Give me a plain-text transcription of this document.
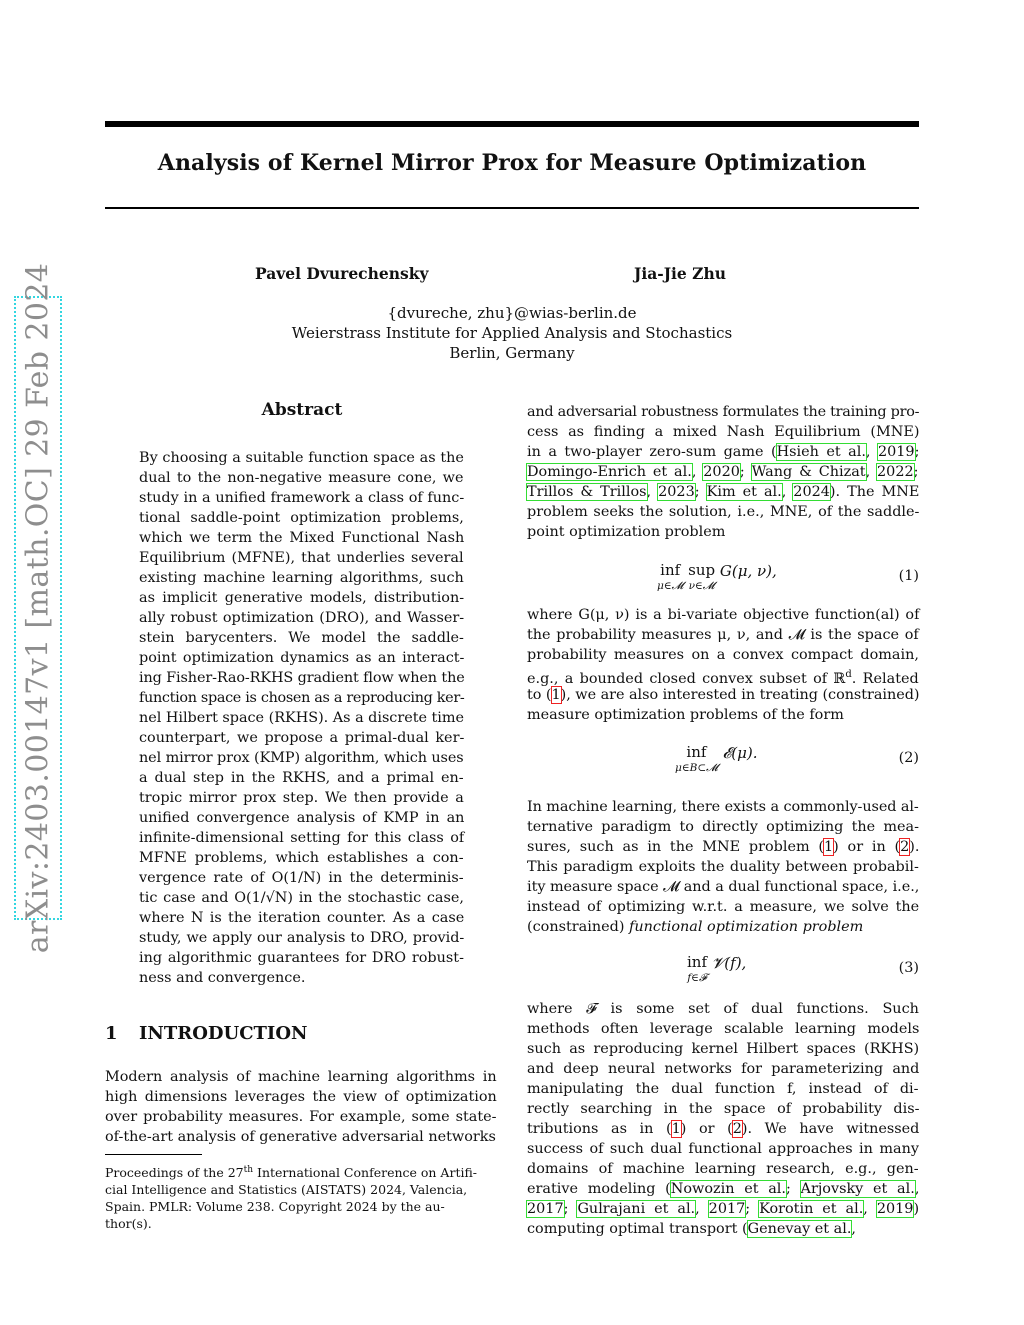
arXiv:2403.00147v1 [math.OC] 29 Feb 2024
Analysis of Kernel Mirror Prox for Measure Optimization
Pavel Dvurechensky	Jia-Jie Zhu
{dvureche, zhu}@wias-berlin.de
Weierstrass Institute for Applied Analysis and Stochastics
Berlin, Germany
Abstract
By choosing a suitable function space as the
dual to the non-negative measure cone, we
study in a unified framework a class of func-
tional saddle-point optimization problems,
which we term the Mixed Functional Nash
Equilibrium (MFNE), that underlies several
existing machine learning algorithms, such
as implicit generative models, distribution-
ally robust optimization (DRO), and Wasser-
stein barycenters. We model the saddle-
point optimization dynamics as an interact-
ing Fisher-Rao-RKHS gradient flow when the
function space is chosen as a reproducing ker-
nel Hilbert space (RKHS). As a discrete time
counterpart, we propose a primal-dual ker-
nel mirror prox (KMP) algorithm, which uses
a dual step in the RKHS, and a primal en-
tropic mirror prox step. We then provide a
unified convergence analysis of KMP in an
infinite-dimensional setting for this class of
MFNE problems, which establishes a con-
vergence rate of O(1/N) in the determinis-
tic case and O(1/√N) in the stochastic case,
where N is the iteration counter. As a case
study, we apply our analysis to DRO, provid-
ing algorithmic guarantees for DRO robust-
ness and convergence.
1 INTRODUCTION
Modern analysis of machine learning algorithms in
high dimensions leverages the view of optimization
over probability measures. For example, some state-
of-the-art analysis of generative adversarial networks
Proceedings of the 27th International Conference on Artifi-
cial Intelligence and Statistics (AISTATS) 2024, Valencia,
Spain. PMLR: Volume 238. Copyright 2024 by the au-
thor(s).
and adversarial robustness formulates the training pro-
cess as finding a mixed Nash Equilibrium (MNE)
in a two-player zero-sum game (Hsieh et al., 2019;
Domingo-Enrich et al., 2020; Wang & Chizat, 2022;
Trillos & Trillos, 2023; Kim et al., 2024). The MNE
problem seeks the solution, i.e., MNE, of the saddle-
point optimization problem
inf
μ∈𝓜

sup
ν∈𝓜
G(μ, ν),	(1)
where G(μ, ν) is a bi-variate objective function(al) of
the probability measures μ, ν, and 𝓜 is the space of
probability measures on a convex compact domain,
e.g., a bounded closed convex subset of ℝ$^d$. Related
to (1), we are also interested in treating (constrained)
measure optimization problems of the form
inf
μ∈B⊂𝓜
𝓔(μ).	(2)
In machine learning, there exists a commonly-used al-
ternative paradigm to directly optimizing the mea-
sures, such as in the MNE problem (1) or in (2).
This paradigm exploits the duality between probabil-
ity measure space 𝓜 and a dual functional space, i.e.,
instead of optimizing w.r.t. a measure, we solve the
(constrained) functional optimization problem
inf
f∈𝓕
𝓥(f),	(3)
where 𝓕 is some set of dual functions. Such
methods often leverage scalable learning models
such as reproducing kernel Hilbert spaces (RKHS)
and deep neural networks for parameterizing and
manipulating the dual function f, instead of di-
rectly searching in the space of probability dis-
tributions as in (1) or (2). We have witnessed
success of such dual functional approaches in many
domains of machine learning research, e.g., gen-
erative modeling (Nowozin et al.; Arjovsky et al.,
2017; Gulrajani et al., 2017; Korotin et al., 2019)
computing optimal transport (Genevay et al.,
